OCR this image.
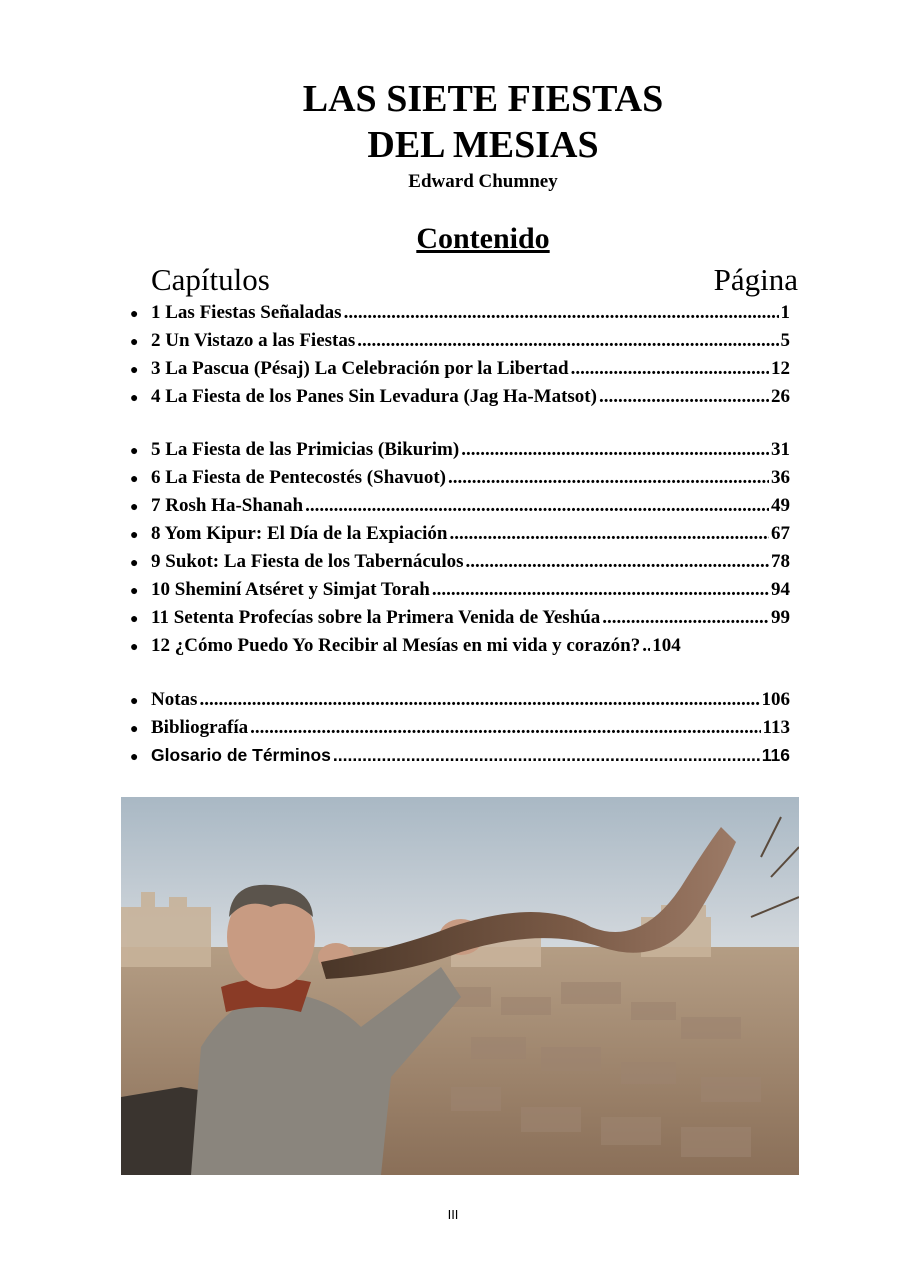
LAS SIETE FIESTAS
DEL MESIAS
Edward Chumney
Contenido
Capítulos	Página
● 1 Las Fiestas Señaladas .....	1
● 2 Un Vistazo a las Fiestas .....	5
● 3 La Pascua (Pésaj) La Celebración por la Libertad .....	12
● 4 La Fiesta de los Panes Sin Levadura (Jag Ha-Matsot) .....	26
● 5 La Fiesta de las Primicias (Bikurim) .....	31
● 6 La Fiesta de Pentecostés (Shavuot) .....	36
● 7 Rosh Ha-Shanah .....	49
● 8 Yom Kipur: El Día de la Expiación .....	67
● 9 Sukot: La Fiesta de los Tabernáculos .....	78
● 10 Sheminí Atséret y Simjat Torah .....	94
● 11 Setenta Profecías sobre la Primera Venida de Yeshúa .....	99
● 12 ¿Cómo Puedo Yo Recibir al Mesías en mi vida y corazón? ..... 104
● Notas .....	106
● Bibliografía .....	113
● Glosario de Términos .....	116
III
